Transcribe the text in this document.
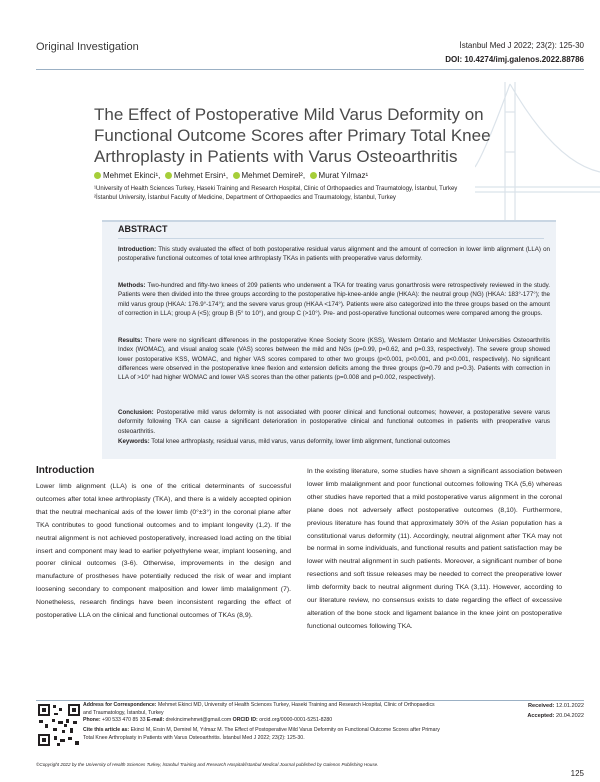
Original Investigation	İstanbul Med J 2022; 23(2): 125-30
DOI: 10.4274/imj.galenos.2022.88786
The Effect of Postoperative Mild Varus Deformity on Functional Outcome Scores after Primary Total Knee Arthroplasty in Patients with Varus Osteoarthritis
Mehmet Ekinci¹, Mehmet Ersin¹, Mehmet Demirel², Murat Yılmaz¹
¹University of Health Sciences Turkey, Haseki Training and Research Hospital, Clinic of Orthopaedics and Traumatology, İstanbul, Turkey
²İstanbul University, İstanbul Faculty of Medicine, Department of Orthopaedics and Traumatology, İstanbul, Turkey
ABSTRACT
Introduction: This study evaluated the effect of both postoperative residual varus alignment and the amount of correction in lower limb alignment (LLA) on postoperative functional outcomes of total knee arthroplasty TKAs in patients with preoperative varus deformity.
Methods: Two-hundred and fifty-two knees of 209 patients who underwent a TKA for treating varus gonarthrosis were retrospectively reviewed in the study. Patients were then divided into the three groups according to the postoperative hip-knee-ankle angle (HKAA): the neutral group (NG) (HKAA: 183°-177°); the mild varus group (HKAA: 176.9°-174°); and the severe varus group (HKAA <174°). Patients were also categorized into the three groups based on the amount of correction in LLA; group A (<5); group B (5° to 10°), and group C (>10°). Pre- and post-operative functional outcomes were compared among the groups.
Results: There were no significant differences in the postoperative Knee Society Score (KSS), Western Ontario and McMaster Universities Osteoarthritis Index (WOMAC), and visual analog scale (VAS) scores between the mild and NGs (p=0.99, p=0.62, and p=0.33, respectively). The severe group showed lower postoperative KSS, WOMAC, and higher VAS scores compared to other two groups (p<0.001, p<0.001, and p<0.001, respectively). No significant differences were observed in the postoperative knee flexion and extension deficits among the three groups (p=0.79 and p=0.3). Patients with correction in LLA of >10° had higher WOMAC and lower VAS scores than the other patients (p=0.008 and p=0.002, respectively).
Conclusion: Postoperative mild varus deformity is not associated with poorer clinical and functional outcomes; however, a postoperative severe varus deformity following TKA can cause a significant deterioration in postoperative clinical and functional outcomes in patients with preoperative varus osteoarthritis.
Keywords: Total knee arthroplasty, residual varus, mild varus, varus deformity, lower limb alignment, functional outcomes
Introduction
Lower limb alignment (LLA) is one of the critical determinants of successful outcomes after total knee arthroplasty (TKA), and there is a widely accepted opinion that the neutral mechanical axis of the lower limb (0°±3°) in the coronal plane after TKA contributes to good functional outcomes and to implant longevity (1,2). If the neutral alignment is not achieved postoperatively, increased load acting on the tibial insert and component may lead to earlier polyethylene wear, implant loosening, and poorer clinical outcomes (3-6). Otherwise, improvements in the design and manufacture of prostheses have potentially reduced the risk of wear and implant loosening secondary to component malposition and lower limb malalignment (7). Nonetheless, research findings have been inconsistent regarding the effect of postoperative LLA on the clinical and functional outcomes of TKAs (8,9).
In the existing literature, some studies have shown a significant association between lower limb malalignment and poor functional outcomes following TKA (5,6) whereas other studies have reported that a mild postoperative varus alignment in the coronal plane does not adversely affect postoperative outcomes (8,10). Furthermore, previous literature has found that approximately 30% of the Asian population has a constitutional varus deformity (11). Accordingly, neutral alignment after TKA may not be normal in some individuals, and functional results and patient satisfaction may be lower with neutral alignment in such patients. Moreover, a significant number of bone resections and soft tissue releases may be needed to correct the preoperative lower limb deformity back to neutral alignment during TKA (3,11). However, according to our literature review, no consensus exists to date regarding the effect of excessive alteration of the bone stock and ligament balance in the knee joint on postoperative functional outcomes following TKA.
Address for Correspondence: Mehmet Ekinci MD, University of Health Sciences Turkey, Haseki Training and Research Hospital, Clinic of Orthopaedics and Traumatology, İstanbul, Turkey
Phone: +90 533 470 85 33 E-mail: drekincimehmet@gmail.com ORCID ID: orcid.org/0000-0001-5251-8280
Cite this article as: Ekinci M, Ersin M, Demirel M, Yılmaz M. The Effect of Postoperative Mild Varus Deformity on Functional Outcome Scores after Primary Total Knee Arthroplasty in Patients with Varus Osteoarthritis. İstanbul Med J 2022; 23(2): 125-30.
Received: 12.01.2022
Accepted: 20.04.2022
©Copyright 2022 by the University of Health Sciences Turkey, İstanbul Training and Research Hospital/İstanbul Medical Journal published by Galenos Publishing House.
125
